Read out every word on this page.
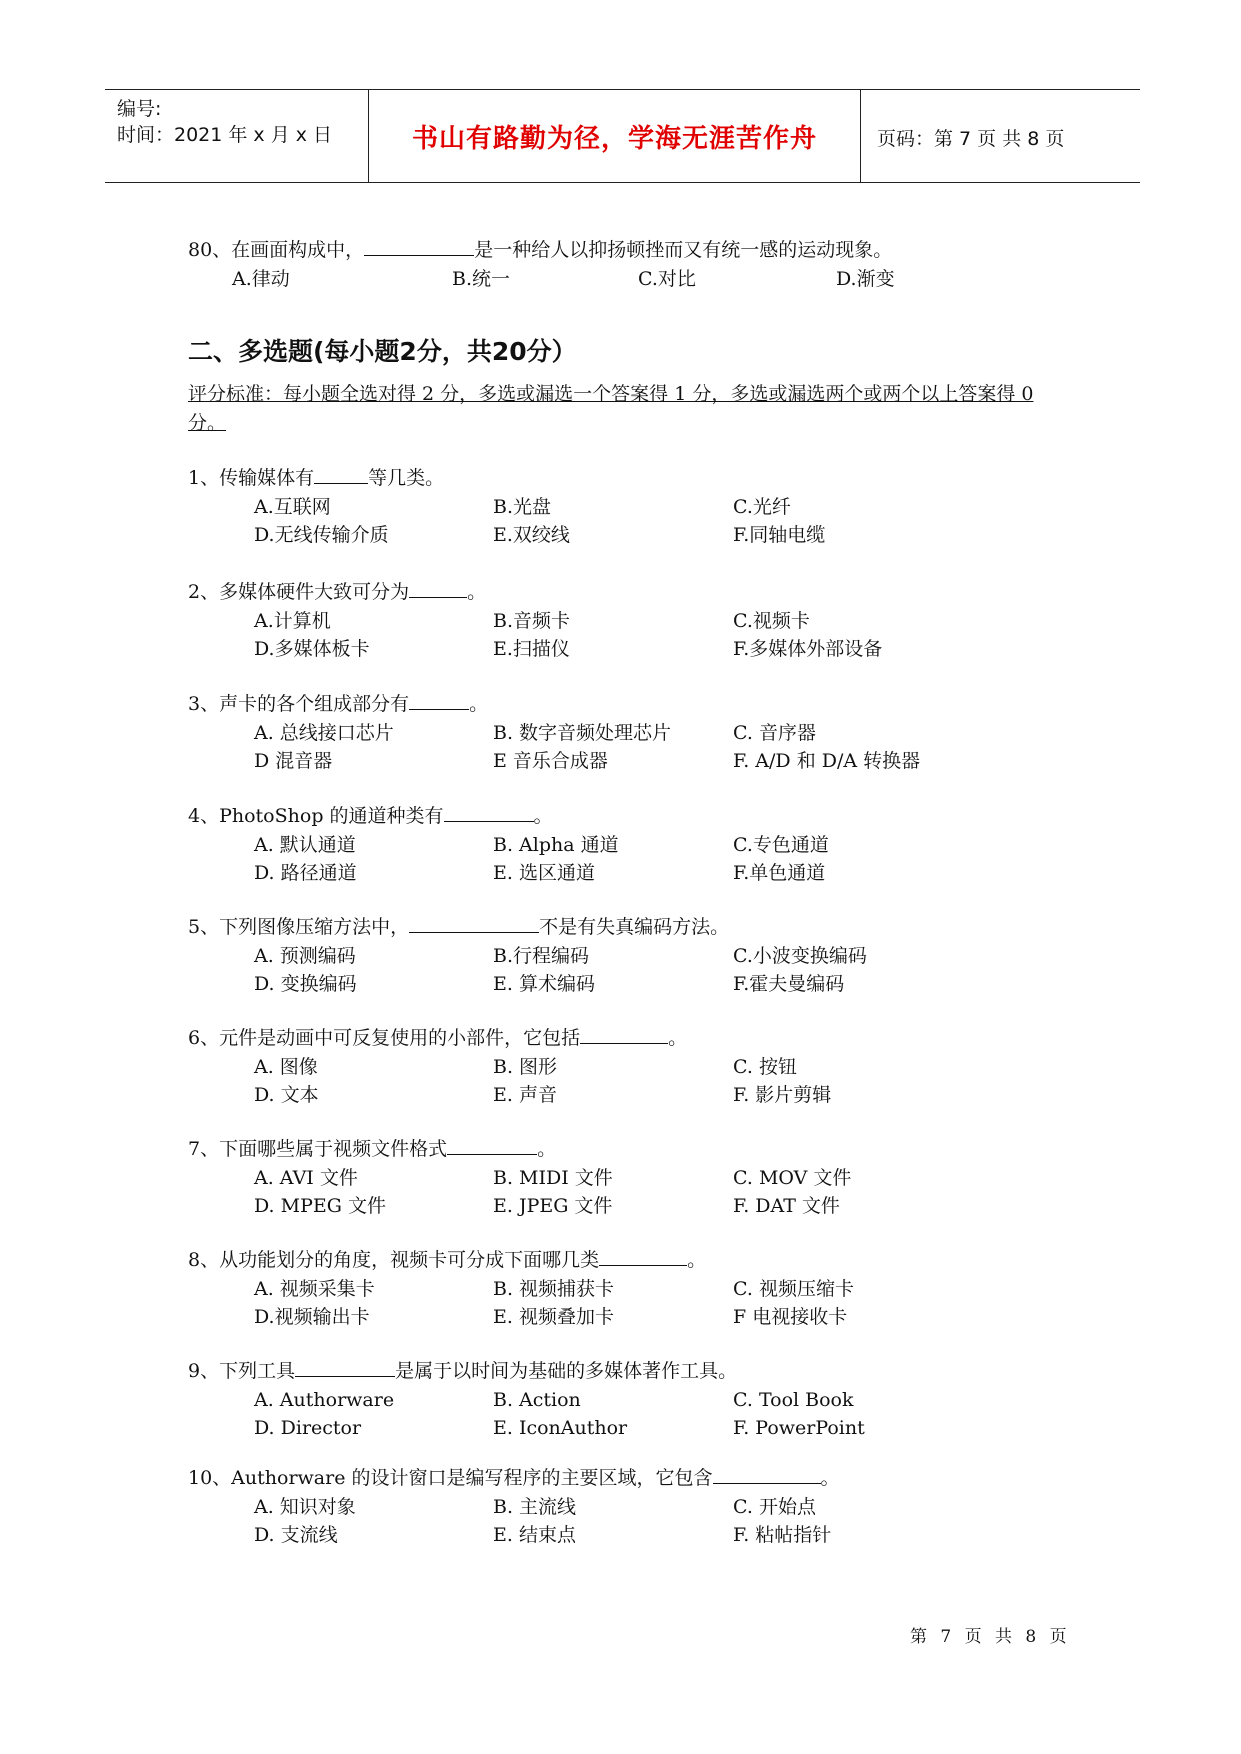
编号:
时间：2021 年 x 月 x 日	书山有路勤为径，学海无涯苦作舟	页码：第 7 页 共 8 页
80、在画面构成中，	是一种给人以抑扬顿挫而又有统一感的运动现象。
A.律动	B.统一	C.对比	D.渐变
二、多选题(每小题2分，共20分）
评分标准：每小题全选对得 2 分，多选或漏选一个答案得 1 分，多选或漏选两个或两个以上答案得 0 分。
1、传输媒体有	等几类。
A.互联网	B.光盘	C.光纤
D.无线传输介质	E.双绞线	F.同轴电缆
2、多媒体硬件大致可分为	。
A.计算机	B.音频卡	C.视频卡
D.多媒体板卡	E.扫描仪	F.多媒体外部设备
3、声卡的各个组成部分有	。
A. 总线接口芯片	B. 数字音频处理芯片	C. 音序器
D 混音器	E 音乐合成器	F. A/D 和 D/A 转换器
4、PhotoShop 的通道种类有	。
A. 默认通道	B. Alpha 通道	C.专色通道
D. 路径通道	E. 选区通道	F.单色通道
5、下列图像压缩方法中，	不是有失真编码方法。
A. 预测编码	B.行程编码	C.小波变换编码
D. 变换编码	E. 算术编码	F.霍夫曼编码
6、元件是动画中可反复使用的小部件，它包括	。
A. 图像	B. 图形	C. 按钮
D. 文本	E. 声音	F. 影片剪辑
7、下面哪些属于视频文件格式	。
A. AVI 文件	B. MIDI 文件	C. MOV 文件
D. MPEG 文件	E. JPEG 文件	F. DAT 文件
8、从功能划分的角度，视频卡可分成下面哪几类	。
A. 视频采集卡	B. 视频捕获卡	C. 视频压缩卡
D.视频输出卡	E. 视频叠加卡	F 电视接收卡
9、下列工具	是属于以时间为基础的多媒体著作工具。
A. Authorware	B. Action	C. Tool Book
D. Director	E. IconAuthor	F. PowerPoint
10、Authorware 的设计窗口是编写程序的主要区域，它包含	。
A. 知识对象	B. 主流线	C. 开始点
D. 支流线	E. 结束点	F. 粘帖指针
第 7 页 共 8 页
